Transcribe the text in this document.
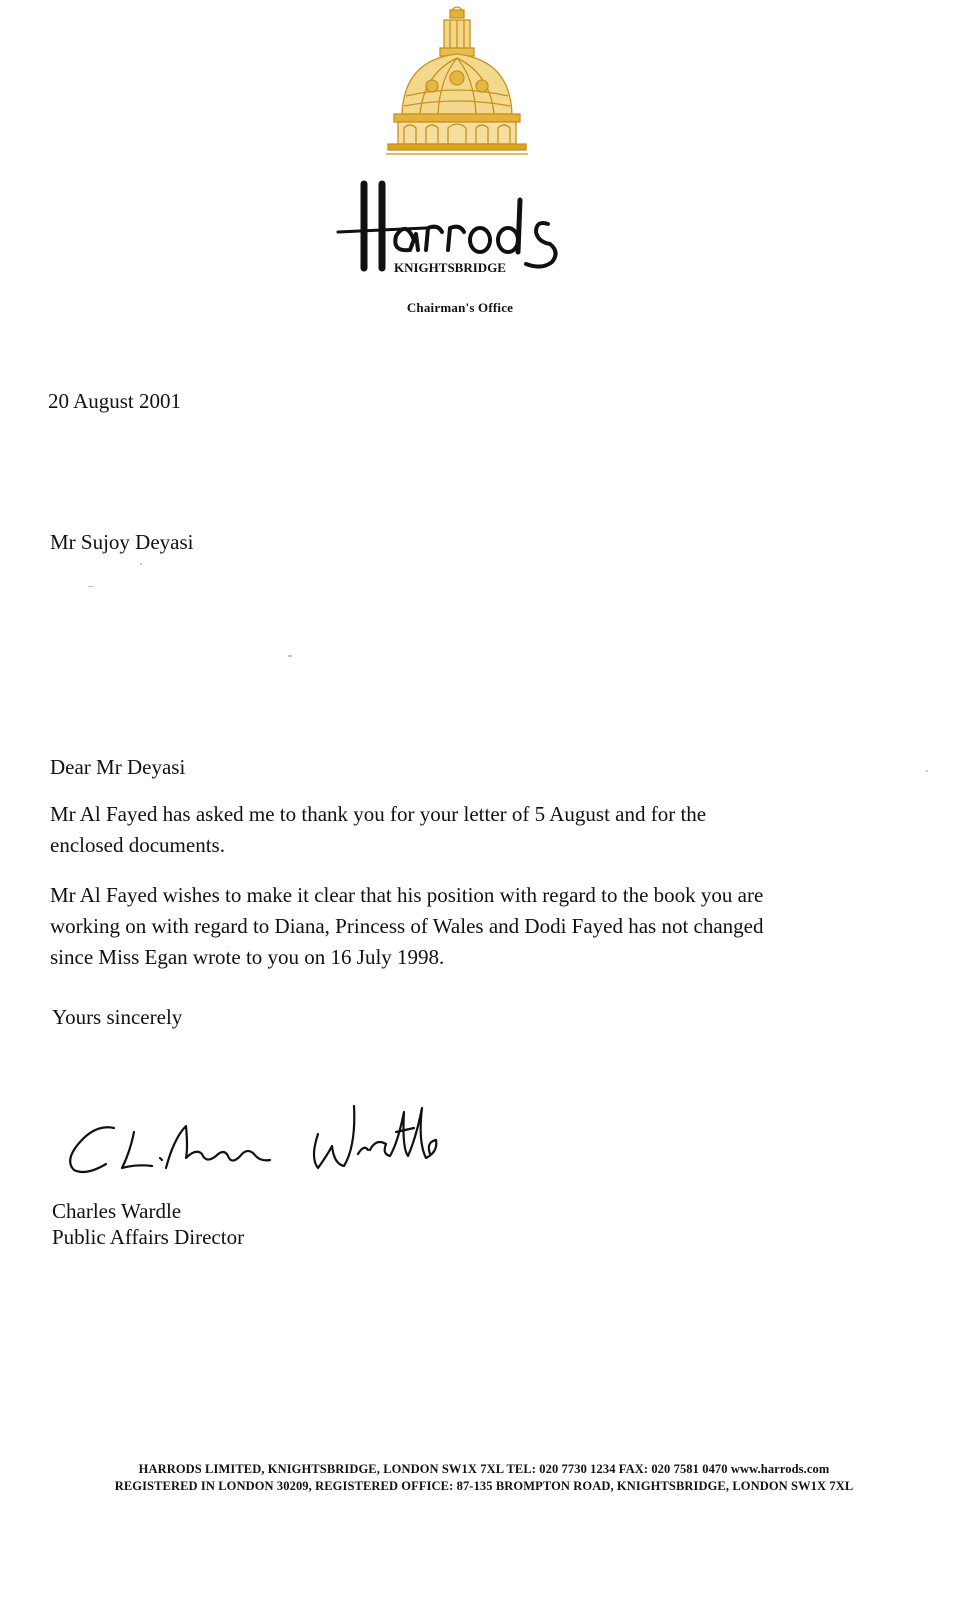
KNIGHTSBRIDGE
Chairman's Office
20 August 2001
Mr Sujoy Deyasi
Dear Mr Deyasi
Mr Al Fayed has asked me to thank you for your letter of 5 August and for the
enclosed documents.
Mr Al Fayed wishes to make it clear that his position with regard to the book you are
working on with regard to Diana, Princess of Wales and Dodi Fayed has not changed
since Miss Egan wrote to you on 16 July 1998.
Yours sincerely
Charles Wardle
Public Affairs Director
HARRODS LIMITED, KNIGHTSBRIDGE, LONDON SW1X 7XL TEL: 020 7730 1234 FAX: 020 7581 0470 www.harrods.com
REGISTERED IN LONDON 30209, REGISTERED OFFICE: 87-135 BROMPTON ROAD, KNIGHTSBRIDGE, LONDON SW1X 7XL
